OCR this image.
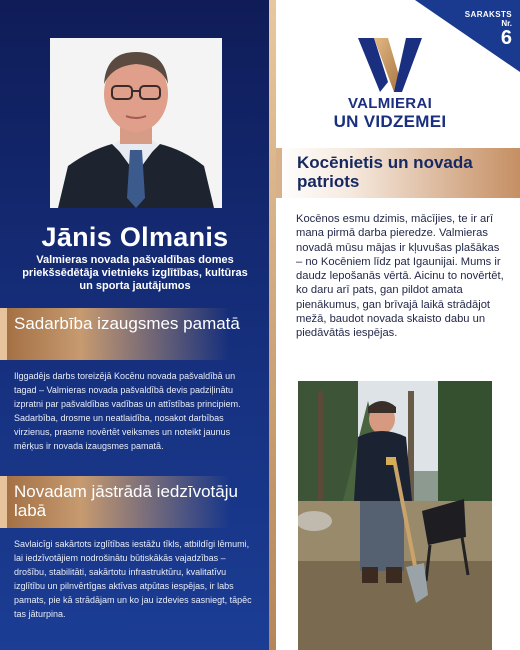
Jānis Olmanis
Valmieras novada pašvaldības domes priekšsēdētāja vietnieks izglītības, kultūras un sporta jautājumos
Sadarbība izaugsmes pamatā
Ilggadējs darbs toreizējā Kocēnu novada pašvaldībā un tagad – Valmieras novada pašvaldībā devis padziļinātu izpratni par pašvaldības vadības un attīstības principiem. Sadarbība, drosme un neatlaidība, nosakot darbības virzienus, prasme novērtēt veiksmes un noteikt jaunus mērķus ir novada izaugsmes pamatā.
Novadam jāstrādā iedzīvotāju labā
Savlaicīgi sakārtots izglītības iestāžu tīkls, atbildīgi lēmumi, lai iedzīvotājiem nodrošinātu būtiskākās vajadzības – drošību, stabilitāti, sakārtotu infrastruktūru, kvalitatīvu izglītību un pilnvērtīgas aktīvas atpūtas iespējas, ir labs pamats, pie kā strādājam un ko jau izdevies sasniegt, tāpēc tas jāturpina.
SARAKSTS
Nr.
6
VALMIERAI
UN VIDZEMEI
Kocēnietis un novada patriots
Kocēnos esmu dzimis, mācījies, te ir arī mana pirmā darba pieredze. Valmieras novadā mūsu mājas ir kļuvušas plašākas – no Kocēniem līdz pat Igaunijai. Mums ir daudz lepošanās vērtā. Aicinu to novērtēt, ko daru arī pats, gan pildot amata pienākumus, gan brīvajā laikā strādājot mežā, baudot novada skaisto dabu un piedāvātās iespējas.
